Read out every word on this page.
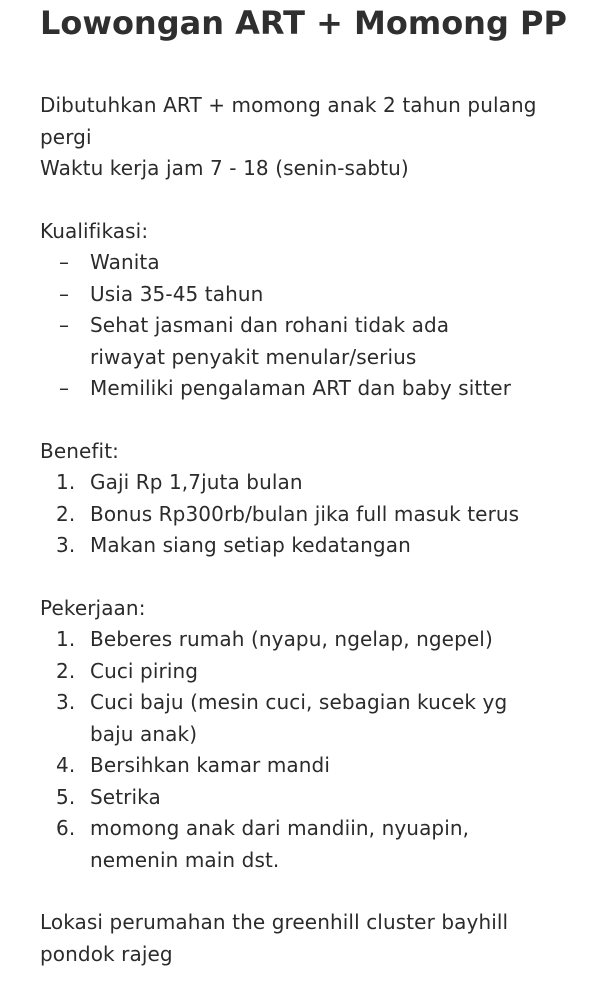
Lowongan ART + Momong PP

Dibutuhkan ART + momong anak 2 tahun pulang pergi

Waktu kerja jam 7 - 18 (senin-sabtu)

Kualifikasi:

– Wanita
– Usia 35-45 tahun
– Sehat jasmani dan rohani tidak ada riwayat penyakit menular/serius
– Memiliki pengalaman ART dan baby sitter

Benefit:

1. Gaji Rp 1,7juta bulan
2. Bonus Rp300rb/bulan jika full masuk terus
3. Makan siang setiap kedatangan

Pekerjaan:

1. Beberes rumah (nyapu, ngelap, ngepel)
2. Cuci piring
3. Cuci baju (mesin cuci, sebagian kucek yg baju anak)
4. Bersihkan kamar mandi
5. Setrika
6. momong anak dari mandiin, nyuapin, nemenin main dst.

Lokasi perumahan the greenhill cluster bayhill pondok rajeg
